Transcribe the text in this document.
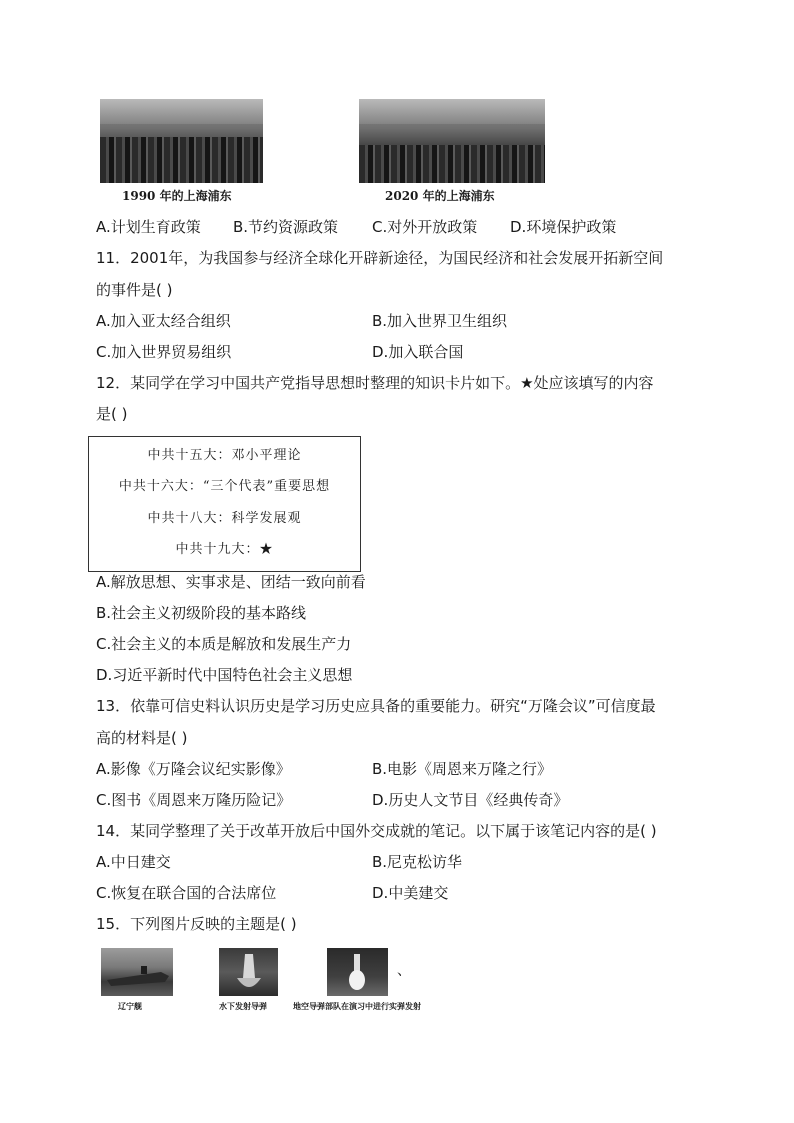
1990 年的上海浦东	2020 年的上海浦东
A.计划生育政策 B.节约资源政策 C.对外开放政策 D.环境保护政策
11．2001年，为我国参与经济全球化开辟新途径，为国民经济和社会发展开拓新空间
的事件是( )
A.加入亚太经合组织	B.加入世界卫生组织
C.加入世界贸易组织	D.加入联合国
12．某同学在学习中国共产党指导思想时整理的知识卡片如下。★处应该填写的内容
是( )
中共十五大：邓小平理论
中共十六大：“三个代表”重要思想
中共十八大：科学发展观
中共十九大：★
A.解放思想、实事求是、团结一致向前看
B.社会主义初级阶段的基本路线
C.社会主义的本质是解放和发展生产力
D.习近平新时代中国特色社会主义思想
13．依靠可信史料认识历史是学习历史应具备的重要能力。研究“万隆会议”可信度最
高的材料是( )
A.影像《万隆会议纪实影像》	B.电影《周恩来万隆之行》
C.图书《周恩来万隆历险记》	D.历史人文节目《经典传奇》
14．某同学整理了关于改革开放后中国外交成就的笔记。以下属于该笔记内容的是( )
A.中日建交	B.尼克松访华
C.恢复在联合国的合法席位	D.中美建交
15．下列图片反映的主题是( )
辽宁舰	水下发射导弹	地空导弹部队在演习中进行实弹发射
、
